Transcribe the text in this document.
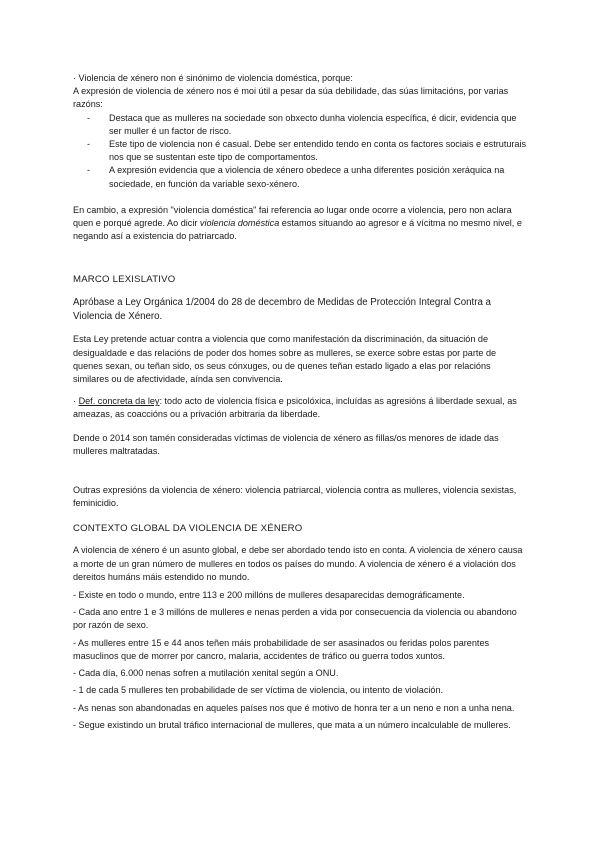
· Violencia de xénero non é sinónimo de violencia doméstica, porque:

A expresión de violencia de xénero nos é moi útil a pesar da súa debilidade, das súas limitacións, por varias razóns:

- Destaca que as mulleres na sociedade son obxecto dunha violencia específica, é dicir, evidencia que ser muller é un factor de risco.
- Este tipo de violencia non é casual. Debe ser entendido tendo en conta os factores sociais e estruturais nos que se sustentan este tipo de comportamentos.
- A expresión evidencia que a violencia de xénero obedece a unha diferentes posición xeráquica na sociedade, en función da variable sexo-xénero.

En cambio, a expresión "violencia doméstica" fai referencia ao lugar onde ocorre a violencia, pero non aclara quen e porqué agrede. Ao dicir violencia doméstica estamos situando ao agresor e á vícitma no mesmo nivel, e negando así a existencia do patriarcado.

MARCO LEXISLATIVO

Apróbase a Ley Orgánica 1/2004 do 28 de decembro de Medidas de Protección Integral Contra a Violencia de Xénero.

Esta Ley pretende actuar contra a violencia que como manifestación da discriminación, da situación de desigualdade e das relacións de poder dos homes sobre as mulleres, se exerce sobre estas por parte de quenes sexan, ou teñan sido, os seus cónxuges, ou de quenes teñan estado ligado a elas por relacións similares ou de afectividade, aínda sen convivencia.

· Def. concreta da ley: todo acto de violencia física e psicolóxica, incluídas as agresións á liberdade sexual, as ameazas, as coaccións ou a privación arbitraria da liberdade.

Dende o 2014 son tamén consideradas víctimas de violencia de xénero as fillas/os menores de idade das mulleres maltratadas.

Outras expresións da violencia de xénero: violencia patriarcal, violencia contra as mulleres, violencia sexistas, feminicidio.

CONTEXTO GLOBAL DA VIOLENCIA DE XÉNERO

A violencia de xénero é un asunto global, e debe ser abordado tendo isto en conta. A violencia de xénero causa a morte de un gran número de mulleres en todos os países do mundo. A violencia de xénero é a violación dos dereitos humáns máis estendido no mundo.

- Existe en todo o mundo, entre 113 e 200 millóns de mulleres desaparecidas demográficamente.

- Cada ano entre 1 e 3 millóns de mulleres e nenas perden a vida por consecuencia da violencia ou abandono por razón de sexo.

- As mulleres entre 15 e 44 anos teñen máis probabilidade de ser asasinados ou feridas polos parentes masuclinos que de morrer por cancro, malaria, accidentes de tráfico ou guerra todos xuntos.

- Cada día, 6.000 nenas sofren a mutilación xenital según a ONU.

- 1 de cada 5 mulleres ten probabilidade de ser víctima de violencia, ou intento de violación.

- As nenas son abandonadas en aqueles países nos que é motivo de honra ter a un neno e non a unha nena.

- Segue existindo un brutal tráfico internacional de mulleres, que mata a un número incalculable de mulleres.
